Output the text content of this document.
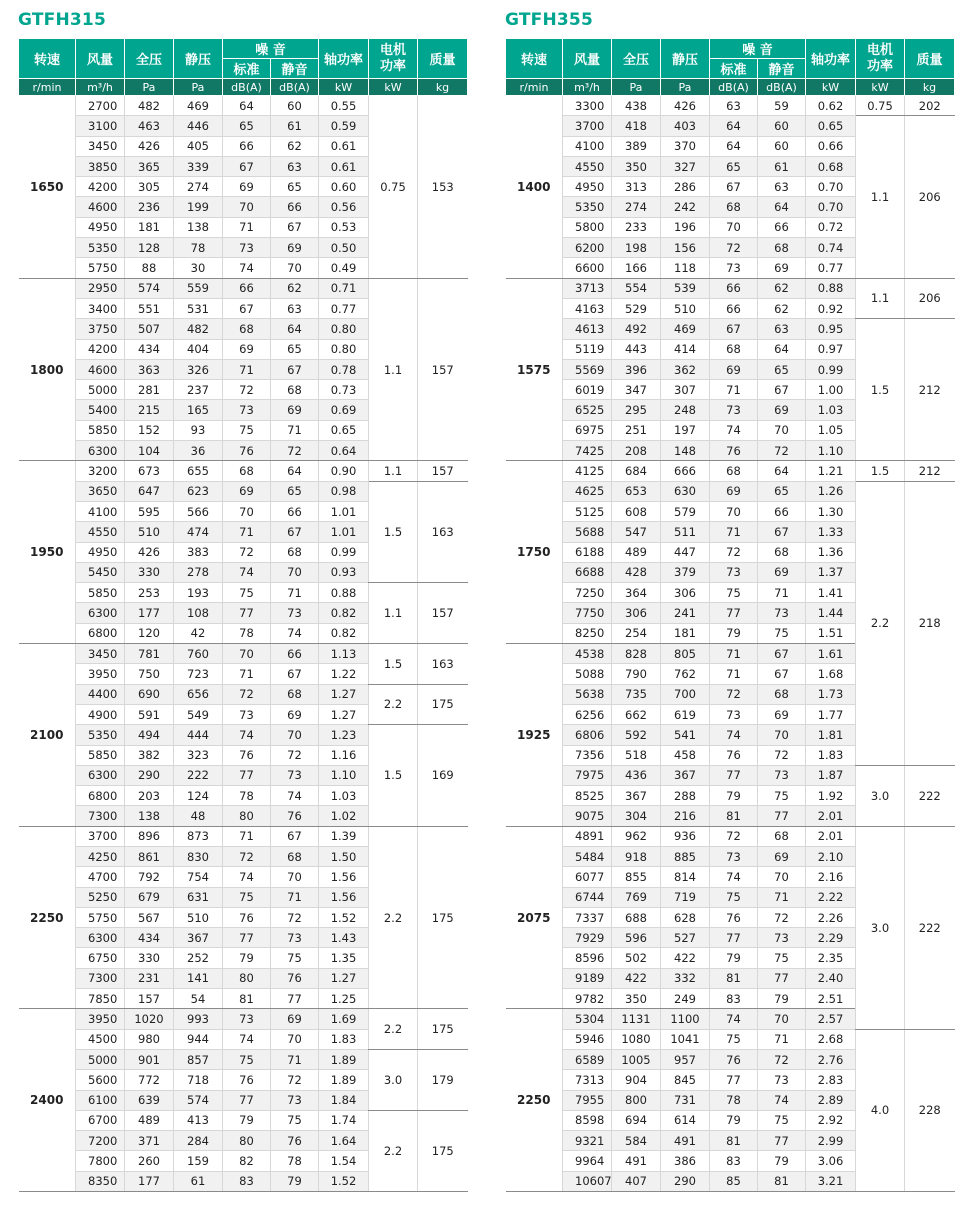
GTFH315
转速	风量	全压	静压	噪 音		轴功率	电机功率	质量
				标准	静音			
r/min	m³/h	Pa	Pa	dB(A)	dB(A)	kW	kW	kg
1650	2700	482	469	64	60	0.55	0.75	153
	3100	463	446	65	61	0.59		
	3450	426	405	66	62	0.61		
	3850	365	339	67	63	0.61		
	4200	305	274	69	65	0.60		
	4600	236	199	70	66	0.56		
	4950	181	138	71	67	0.53		
	5350	128	78	73	69	0.50		
	5750	88	30	74	70	0.49		
1800	2950	574	559	66	62	0.71	1.1	157
	3400	551	531	67	63	0.77		
	3750	507	482	68	64	0.80		
	4200	434	404	69	65	0.80		
	4600	363	326	71	67	0.78		
	5000	281	237	72	68	0.73		
	5400	215	165	73	69	0.69		
	5850	152	93	75	71	0.65		
	6300	104	36	76	72	0.64		
1950	3200	673	655	68	64	0.90	1.1	157
	3650	647	623	69	65	0.98	1.5	163
	4100	595	566	70	66	1.01		
	4550	510	474	71	67	1.01		
	4950	426	383	72	68	0.99		
	5450	330	278	74	70	0.93		
	5850	253	193	75	71	0.88	1.1	157
	6300	177	108	77	73	0.82		
	6800	120	42	78	74	0.82		
2100	3450	781	760	70	66	1.13	1.5	163
	3950	750	723	71	67	1.22		
	4400	690	656	72	68	1.27	2.2	175
	4900	591	549	73	69	1.27		
	5350	494	444	74	70	1.23	1.5	169
	5850	382	323	76	72	1.16		
	6300	290	222	77	73	1.10		
	6800	203	124	78	74	1.03		
	7300	138	48	80	76	1.02		
2250	3700	896	873	71	67	1.39	2.2	175
	4250	861	830	72	68	1.50		
	4700	792	754	74	70	1.56		
	5250	679	631	75	71	1.56		
	5750	567	510	76	72	1.52		
	6300	434	367	77	73	1.43		
	6750	330	252	79	75	1.35		
	7300	231	141	80	76	1.27		
	7850	157	54	81	77	1.25		
2400	3950	1020	993	73	69	1.69	2.2	175
	4500	980	944	74	70	1.83		
	5000	901	857	75	71	1.89	3.0	179
	5600	772	718	76	72	1.89		
	6100	639	574	77	73	1.84		
	6700	489	413	79	75	1.74	2.2	175
	7200	371	284	80	76	1.64		
	7800	260	159	82	78	1.54		
	8350	177	61	83	79	1.52		
GTFH355
转速	风量	全压	静压	噪 音		轴功率	电机功率	质量
				标准	静音			
r/min	m³/h	Pa	Pa	dB(A)	dB(A)	kW	kW	kg
1400	3300	438	426	63	59	0.62	0.75	202
	3700	418	403	64	60	0.65	1.1	206
	4100	389	370	64	60	0.66		
	4550	350	327	65	61	0.68		
	4950	313	286	67	63	0.70		
	5350	274	242	68	64	0.70		
	5800	233	196	70	66	0.72		
	6200	198	156	72	68	0.74		
	6600	166	118	73	69	0.77		
1575	3713	554	539	66	62	0.88	1.1	206
	4163	529	510	66	62	0.92		
	4613	492	469	67	63	0.95	1.5	212
	5119	443	414	68	64	0.97		
	5569	396	362	69	65	0.99		
	6019	347	307	71	67	1.00		
	6525	295	248	73	69	1.03		
	6975	251	197	74	70	1.05		
	7425	208	148	76	72	1.10		
1750	4125	684	666	68	64	1.21	1.5	212
	4625	653	630	69	65	1.26	2.2	218
	5125	608	579	70	66	1.30		
	5688	547	511	71	67	1.33		
	6188	489	447	72	68	1.36		
	6688	428	379	73	69	1.37		
	7250	364	306	75	71	1.41		
	7750	306	241	77	73	1.44		
	8250	254	181	79	75	1.51		
1925	4538	828	805	71	67	1.61		
	5088	790	762	71	67	1.68		
	5638	735	700	72	68	1.73		
	6256	662	619	73	69	1.77		
	6806	592	541	74	70	1.81		
	7356	518	458	76	72	1.83		
	7975	436	367	77	73	1.87	3.0	222
	8525	367	288	79	75	1.92		
	9075	304	216	81	77	2.01		
2075	4891	962	936	72	68	2.01	3.0	222
	5484	918	885	73	69	2.10		
	6077	855	814	74	70	2.16		
	6744	769	719	75	71	2.22		
	7337	688	628	76	72	2.26		
	7929	596	527	77	73	2.29		
	8596	502	422	79	75	2.35		
	9189	422	332	81	77	2.40		
	9782	350	249	83	79	2.51		
2250	5304	1131	1100	74	70	2.57		
	5946	1080	1041	75	71	2.68	4.0	228
	6589	1005	957	76	72	2.76		
	7313	904	845	77	73	2.83		
	7955	800	731	78	74	2.89		
	8598	694	614	79	75	2.92		
	9321	584	491	81	77	2.99		
	9964	491	386	83	79	3.06		
	10607	407	290	85	81	3.21		
